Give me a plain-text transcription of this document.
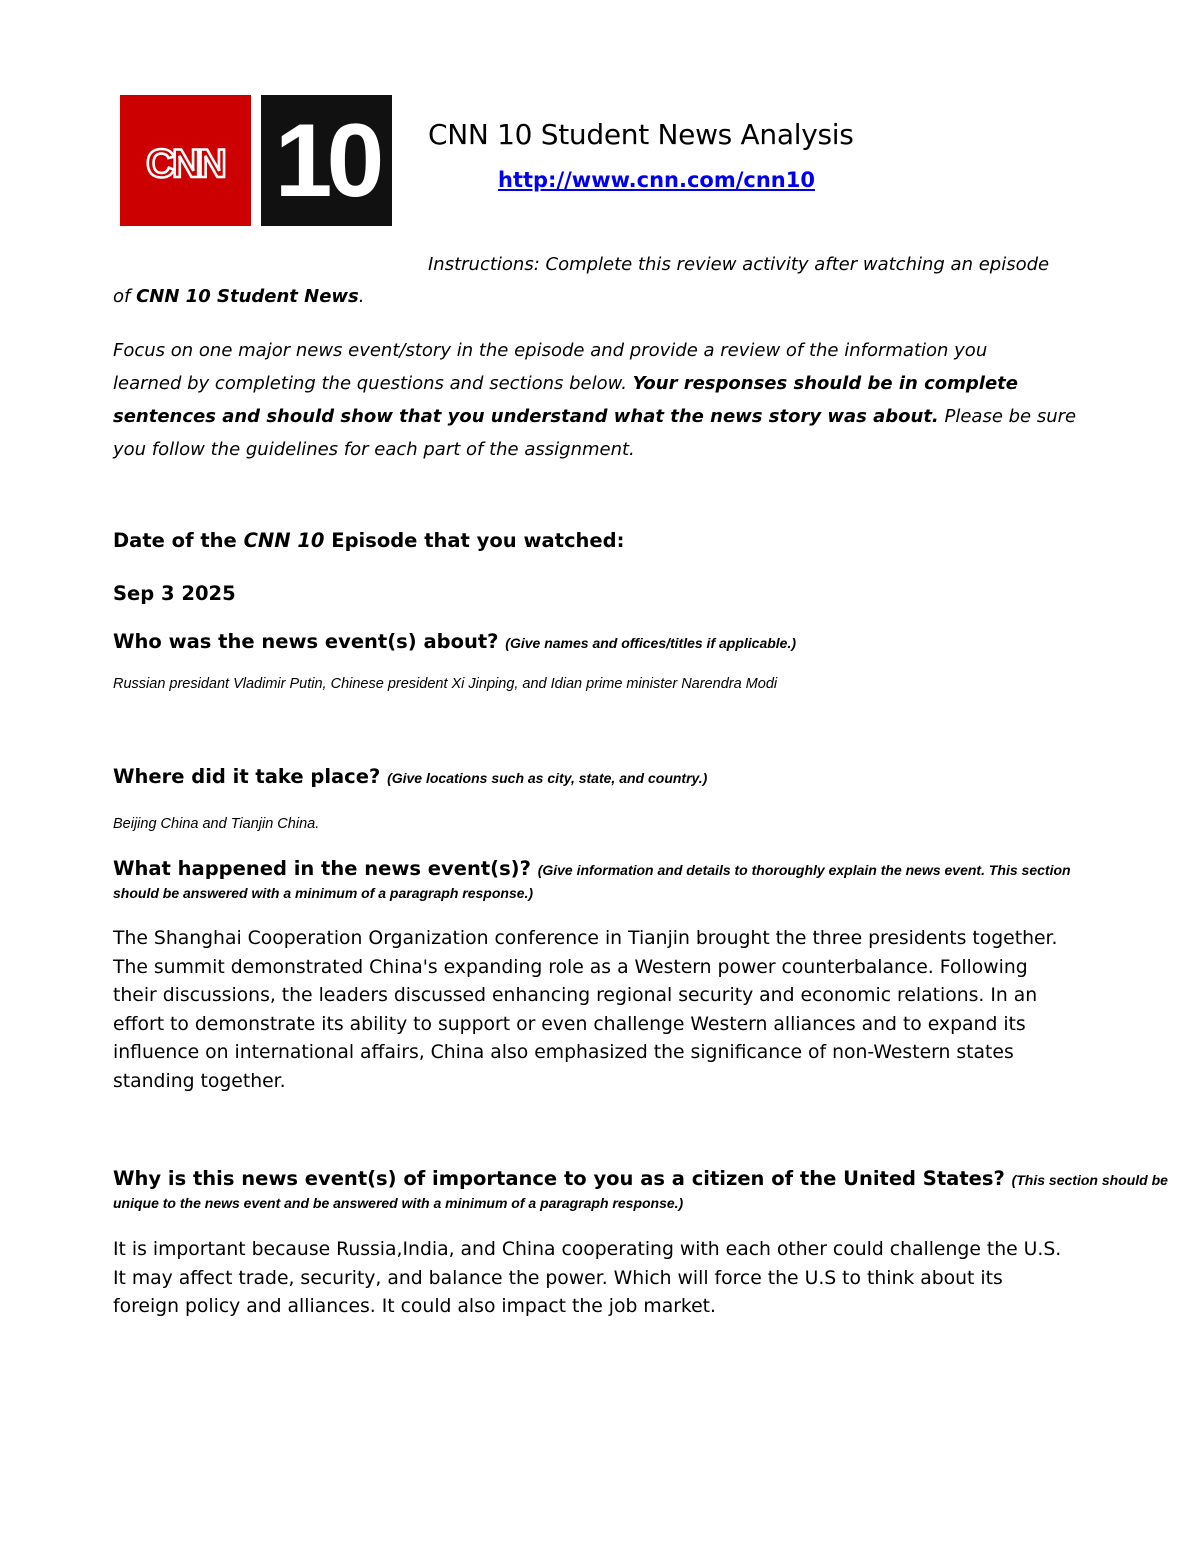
CNN 10	CNN 10 Student News Analysis
http://www.cnn.com/cnn10
Instructions: Complete this review activity after watching an episode
of CNN 10 Student News.
Focus on one major news event/story in the episode and provide a review of the information you
learned by completing the questions and sections below. Your responses should be in complete
sentences and should show that you understand what the news story was about. Please be sure
you follow the guidelines for each part of the assignment.
Date of the CNN 10 Episode that you watched:
Sep 3 2025
Who was the news event(s) about? (Give names and offices/titles if applicable.)
Russian presidant Vladimir Putin, Chinese president Xi Jinping, and Idian prime minister Narendra Modi
Where did it take place? (Give locations such as city, state, and country.)
Beijing China and Tianjin China.
What happened in the news event(s)? (Give information and details to thoroughly explain the news event. This section
should be answered with a minimum of a paragraph response.)
The Shanghai Cooperation Organization conference in Tianjin brought the three presidents together.
The summit demonstrated China's expanding role as a Western power counterbalance. Following
their discussions, the leaders discussed enhancing regional security and economic relations. In an
effort to demonstrate its ability to support or even challenge Western alliances and to expand its
influence on international affairs, China also emphasized the significance of non-Western states
standing together.
Why is this news event(s) of importance to you as a citizen of the United States? (This section should be
unique to the news event and be answered with a minimum of a paragraph response.)
It is important because Russia,India, and China cooperating with each other could challenge the U.S.
It may affect trade, security, and balance the power. Which will force the U.S to think about its
foreign policy and alliances. It could also impact the job market.
